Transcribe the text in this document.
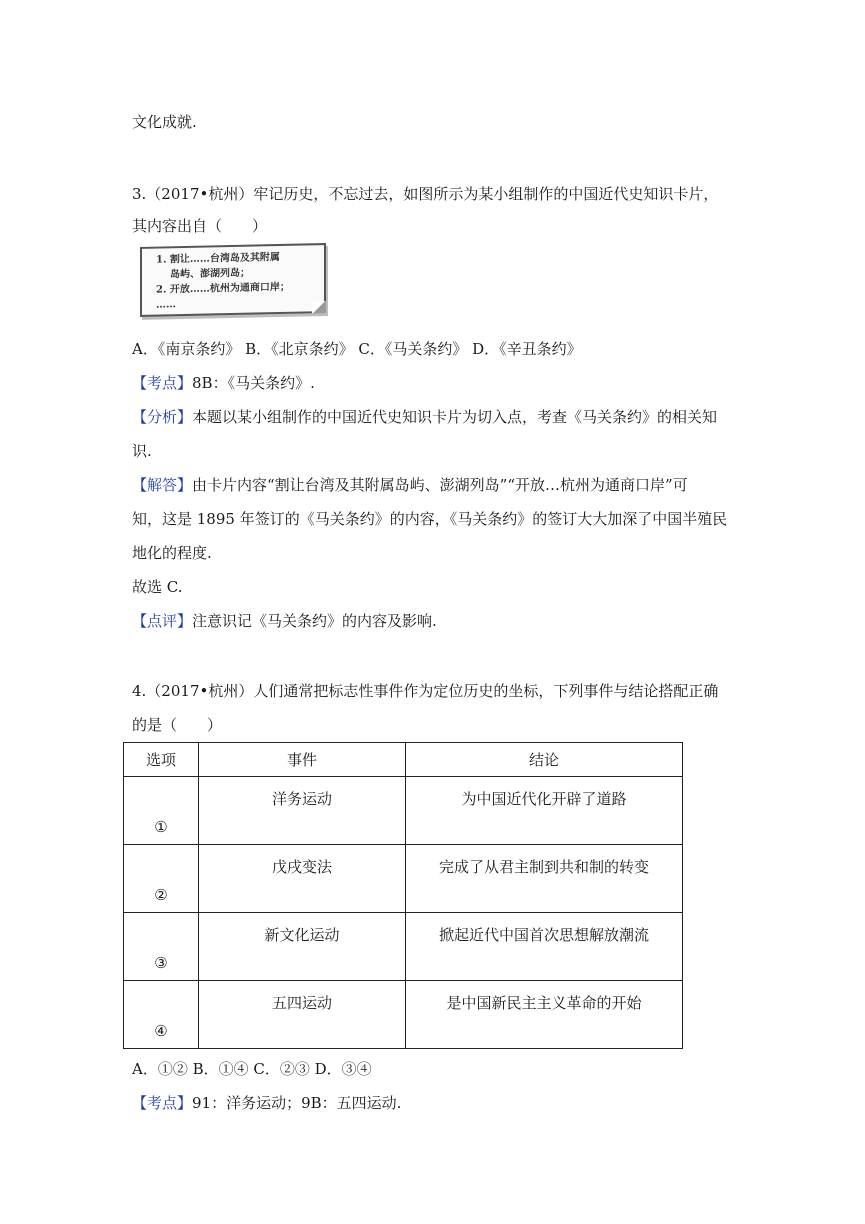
文化成就.
3.（2017•杭州）牢记历史，不忘过去，如图所示为某小组制作的中国近代史知识卡片，
其内容出自（　　）
1. 割让……台湾岛及其附属
岛屿、澎湖列岛；
2. 开放……杭州为通商口岸；
……
A．《南京条约》 B．《北京条约》 C．《马关条约》 D．《辛丑条约》
【考点】8B：《马关条约》.
【分析】本题以某小组制作的中国近代史知识卡片为切入点，考查《马关条约》的相关知
识.
【解答】由卡片内容“割让台湾及其附属岛屿、澎湖列岛”“开放…杭州为通商口岸”可
知，这是 1895 年签订的《马关条约》的内容，《马关条约》的签订大大加深了中国半殖民
地化的程度.
故选 C.
【点评】注意识记《马关条约》的内容及影响.
4.（2017•杭州）人们通常把标志性事件作为定位历史的坐标，下列事件与结论搭配正确
的是（　　）
选项	事件	结论

①	洋务运动	为中国近代化开辟了道路

②	戊戌变法	完成了从君主制到共和制的转变

③	新文化运动	掀起近代中国首次思想解放潮流

④	五四运动	是中国新民主主义革命的开始
A．①② B．①④ C．②③ D．③④
【考点】91：洋务运动；9B：五四运动.
